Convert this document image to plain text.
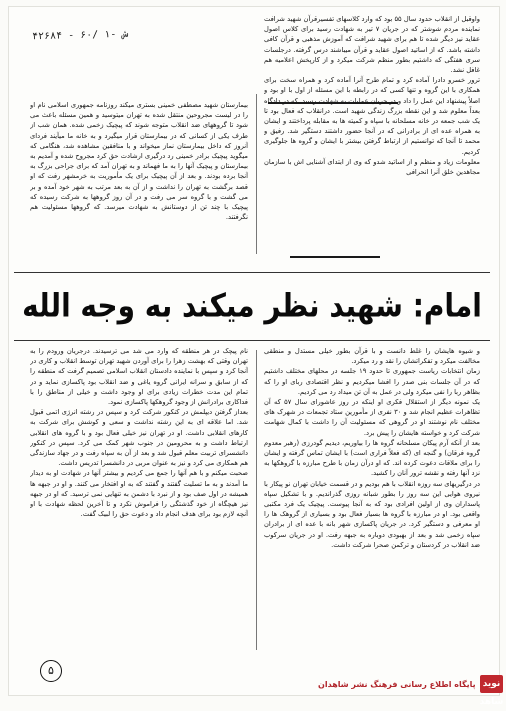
۴۲۶۸۴ - ۶۰/ ۱- ش

واوقبل از انقلاب حدود سال ۵۵ بود که وارد کلاسهای تفسیرقرآن شهید شرافت نماینده مردم شوشتر که در جریان ۷ تیر به شهادت رسید برای کلاس اصول عقاید نیز دیگر شده تا هم برای شهید شرافت که آموزش مذهبی و قرآن کافی داشته باشد. که از اساتید اصول عقاید و قرآن میباشند درس گرفته. درجلسات سری هفتگی که داشتیم بطور منظم شرکت میکرد و از کارپخش اعلامیه هم غافل نشد.

ترور خسرو دادرا آماده کرد و تمام طرح آنرا آماده کرد و همراه سخت برای همکاری با این گروه و تنها کسی که در رابطه با این مسئله از اول با او بود و اصلاً پیشنهاد این عمل را داد و در جریان عملیات به شهادت رسید. که در دادگاه بعداً معلوم شد و این نقطه بزرگ زندگی شهید است. درانقلاب که فعال بود تا یک شب جمعه در خانه مسلحانه با سپاه و کمیته ها به مقابله پرداختند و ایشان به همراه عده ای از برادرانی که در آنجا حضور داشتند دستگیر شد. رفیق و محمد تا آنجا که توانستیم از ارتباط گرفتن بیشتر با ایشان و گروه ها جلوگیری کردیم.

معلومات زیاد و منظم و از اساتید شدو که وی از ابتدای آشنایی اش با سازمان مجاهدین خلق آنرا انحرافی

بیمارستان شهید مصطفی خمینی بستری میکند روزنامه جمهوری اسلامی نام او را در لیست مجروحین منتقل شده به تهران میتوسید و همین مسئله باعث می شود تا گروههای ضد انقلاب متوجه شوند که پیچیک زخمی شده. همان شب از طرف یکی از کسانی که در بیمارستان قرار میگیرد و به خانه ما میآیند فردای آنروز که داخل بیمارستان نماز میخواند و با منافقین مشاهده شد، هنگامی که میگوید پیچیک برادر خمینی رد درگیری ارشادت حق کرد مجروح شده و آمدیم به بیمارستان و پیچیک آنها را به ما فهماند و به تهران آمد که برای جراحی بزرگ به آنجا برده بودند. و بعد از آن پیچیک برای یک مأموریت به خرمشهر رفت که او قصد برگشت به تهران را نداشت و از آن به بعد مرتب به شهر خود آمده و بر می گشت و با گروه سر می رفت و در آن روز گروهها به شرکت رسیده که پیچیک با چند تن از دوستانش به شهادت میرسد. که گروهها مسئولیت هم نگرفتند.

امام: شهید نظر میکند به وجه الله

و شیوه هایشان را غلط دانست و با قرآن بطور خیلی مستدل و منطقی مخالفت میکرد و تفکراتشان را نقد و رد میکرد.

زمان انتخابات ریاست جمهوری تا حدود ۱۹ جلسه در محلهای مختلف داشتیم که در آن جلسات بنی صدر را افشا میکردیم و نظر اقتصادی ربای او را که بظاهر ربا را نفی میکرد ولی در عمل به آن تن میداد رد می کردیم.

یک نمونه دیگر از استقلال فکری او اینکه در روز عاشورای سال ۵۷ که آن تظاهرات عظیم انجام شد و ۳۰ نفری از مأمورین ستاد تجمعات در شهرک های مختلف نام نوشتند او در گروهی که مسئولیت آن را داشت با کمال شهامت شرکت کرد و خواسته هایشان را پیش برد.

بعد از آنکه آرم پیکان مسلحانه گروه ها را بیاوریم، دیدیم گودرزی (رهبر معدوم گروه فرقان) و گنجه ای (که فعلاً فراری است) با ایشان تماس گرفته و ایشان را برای ملاقات دعوت کرده اند. که او درآن زمان با طرح مبارزه با گروهکها به نزد آنها رفته و نقشه ترور آنان را کشید.

در درگیریهای سه روزه انقلاب با هم بودیم و در قسمت خیابان تهران نو پیکار با نیروی هوایی این سه روز را بطور شبانه روزی گذراندیم. و با تشکیل سپاه پاسداران وی از اولین افرادی بود که به آنجا پیوست. پیچیک یک فرد مکتبی واقعی بود. او در مبارزه با گروه ها بسیار فعال بود و بسیاری از گروهک ها را او معرفی و دستگیر کرد. در جریان پاکسازی شهر بانه با عده ای از برادران سپاه زخمی شد و بعد از بهبودی دوباره به جبهه رفت. او در جریان سرکوب ضد انقلاب در کردستان و ترکمن صحرا شرکت داشت.

نام پیچک در هر منطقه که وارد می شد می ترسیدند. درجریان ورودم را به تهران وقتی که بهشت زهرا را برای آوردن شهید تهران توسط انقلاب و کاری در آنجا کرد و سپس با نماینده دادستان انقلاب اسلامی تصمیم گرفت که منطقه را که از سابق و سرانه ایرانی گروه یاغی و ضد انقلاب بود پاکسازی نماید و در تمام این مدت خطرات زیادی برای او وجود داشت و خیلی از مناطق را با فداکاری برادرانش از وجود گروهکها پاکسازی نمود.

بعداز گرفتن دیپلمش در کنکور شرکت کرد و سپس در رشته انرژی اتمی قبول شد. اما علاقه ای به این رشته نداشت و سعی و کوشش برای شرکت به کارهای انقلابی داشت. او در تهران نیز خیلی فعال بود و با گروه های انقلابی ارتباط داشت و به محرومین در جنوب شهر کمک می کرد. سپس در کنکور دانشسرای تربیت معلم قبول شد و بعد از آن به سپاه رفت و در جهاد سازندگی هم همکاری می کرد و نیز به عنوان مربی در دانشسرا تدریس داشت.

صحبت میکنم و با هم آنها را جمع می کردیم و بیشتر آنها در شهادت او به دیدار ما آمدند و به ما تسلیت گفتند و گفتند که به او افتخار می کنند. و او در جبهه ها همیشه در اول صف بود و از نبرد با دشمن به تنهایی نمی ترسید. که او در جبهه نیز هیچگاه از خود گذشتگی را فراموش نکرد و تا آخرین لحظه شهادت با او آنچه لازم بود برای هدف انجام داد و دعوت حق را لبیک گفت.

۵
نوید شاهد
پایگاه اطلاع رسانی فرهنگ نشر شاهدان
